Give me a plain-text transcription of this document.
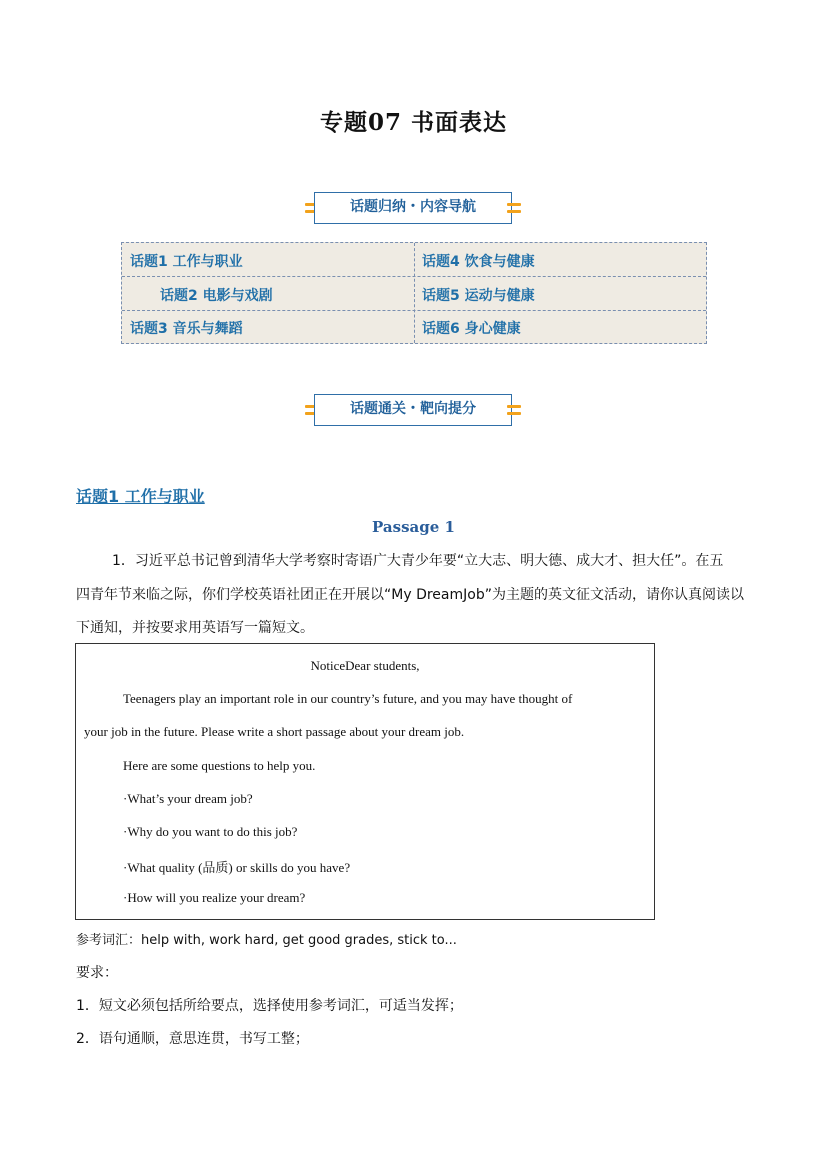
专题07 书面表达
话题归纳・内容导航
话题1 工作与职业	话题4 饮食与健康
话题2 电影与戏剧	话题5 运动与健康
话题3 音乐与舞蹈	话题6 身心健康
话题通关・靶向提分
话题1 工作与职业
Passage 1
1．习近平总书记曾到清华大学考察时寄语广大青少年要“立大志、明大德、成大才、担大任”。在五
四青年节来临之际，你们学校英语社团正在开展以“My DreamJob”为主题的英文征文活动，请你认真阅读以
下通知，并按要求用英语写一篇短文。
NoticeDear students,
Teenagers play an important role in our country’s future, and you may have thought of
your job in the future. Please write a short passage about your dream job.
Here are some questions to help you.
·What’s your dream job?
·Why do you want to do this job?
·What quality (品质) or skills do you have?
·How will you realize your dream?
参考词汇：help with, work hard, get good grades, stick to...
要求：
1．短文必须包括所给要点，选择使用参考词汇，可适当发挥；
2．语句通顺，意思连贯，书写工整；
